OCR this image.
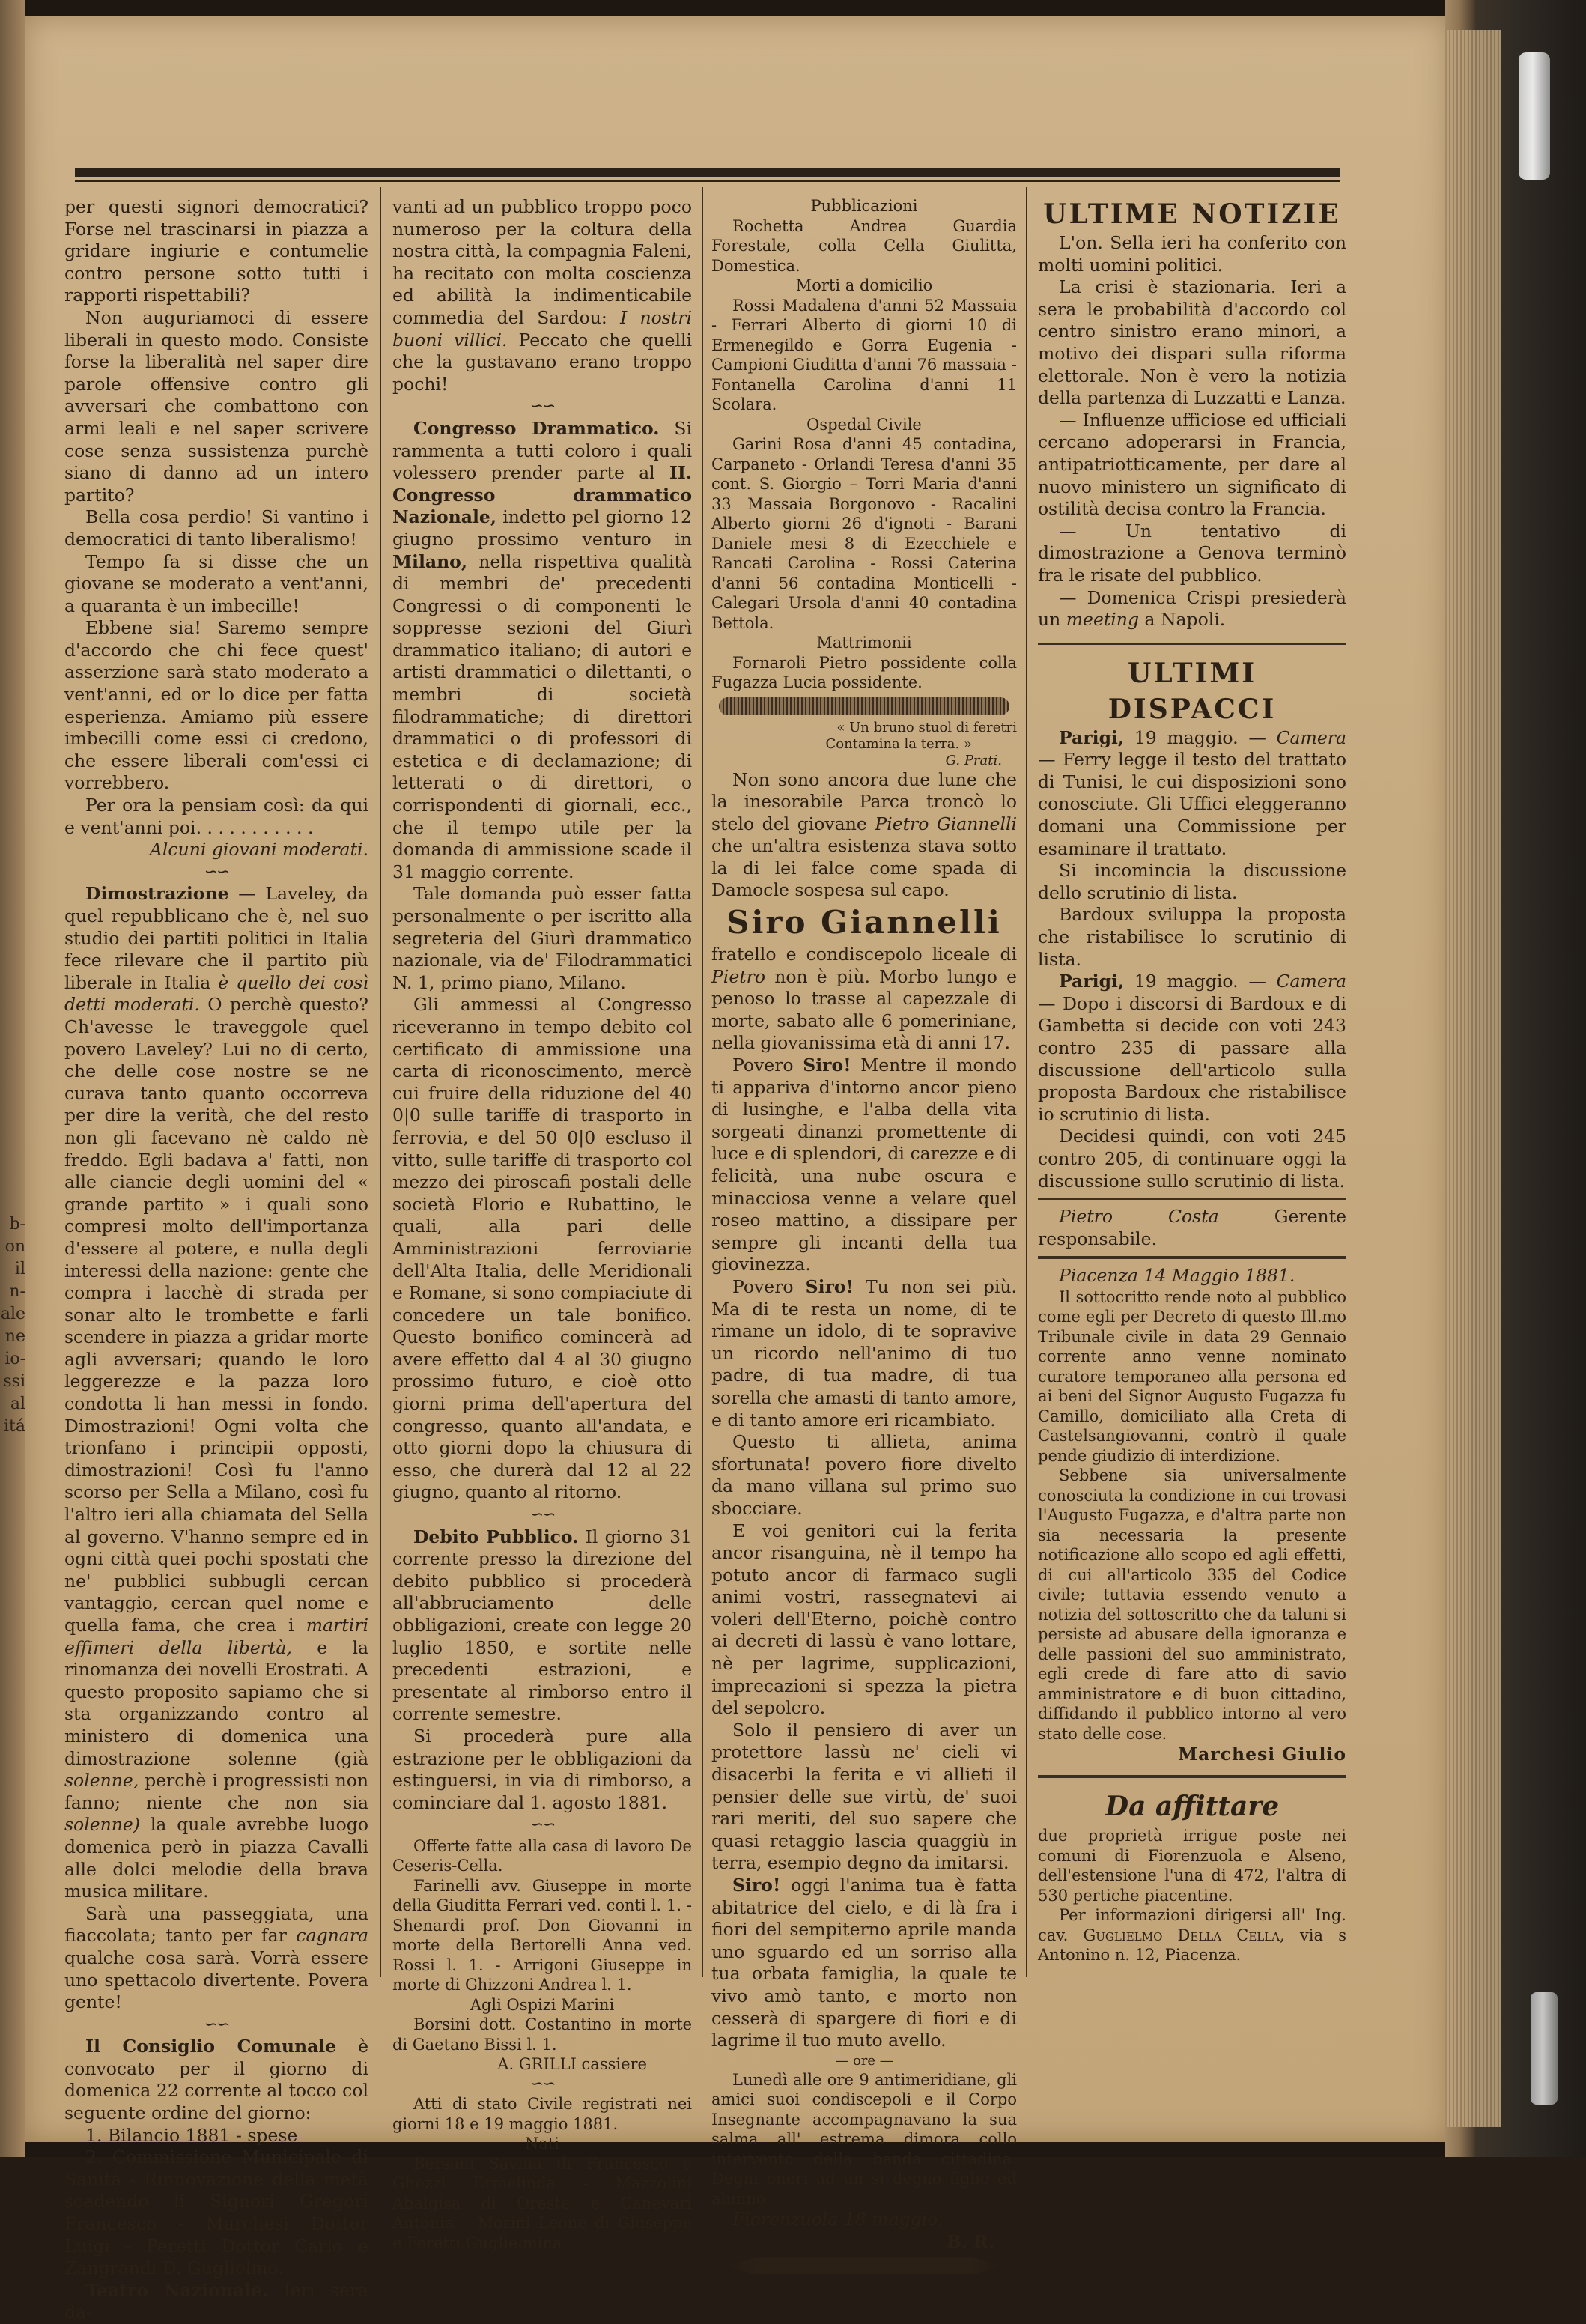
b-
on
il
n-
ale
ne
io-
ssi
al
itá

per questi signori democratici? Forse nel trascinarsi in piazza a gridare ingiurie e contumelie contro persone sotto tutti i rapporti rispettabili?

Non auguriamoci di essere liberali in questo modo. Consiste forse la liberalità nel saper dire parole offensive contro gli avversari che combattono con armi leali e nel saper scrivere cose senza sussistenza purchè siano di danno ad un intero partito?

Bella cosa perdio! Si vantino i democratici di tanto liberalismo!

Tempo fa si disse che un giovane se moderato a vent'anni, a quaranta è un imbecille!

Ebbene sia! Saremo sempre d'accordo che chi fece quest' asserzione sarà stato moderato a vent'anni, ed or lo dice per fatta esperienza. Amiamo più essere imbecilli come essi ci credono, che essere liberali com'essi ci vorrebbero.

Per ora la pensiam così: da qui e vent'anni poi. . . . . . . . . . .

Alcuni giovani moderati.

∽∽

Dimostrazione — Laveley, da quel repubblicano che è, nel suo studio dei partiti politici in Italia fece rilevare che il partito più liberale in Italia è quello dei così detti moderati. O perchè questo? Ch'avesse le traveggole quel povero Laveley? Lui no di certo, che delle cose nostre se ne curava tanto quanto occorreva per dire la verità, che del resto non gli facevano nè caldo nè freddo. Egli badava a' fatti, non alle ciancie degli uomini del « grande partito » i quali sono compresi molto dell'importanza d'essere al potere, e nulla degli interessi della nazione: gente che compra i lacchè di strada per sonar alto le trombette e farli scendere in piazza a gridar morte agli avversari; quando le loro leggerezze e la pazza loro condotta li han messi in fondo. Dimostrazioni! Ogni volta che trionfano i principii opposti, dimostrazioni! Così fu l'anno scorso per Sella a Milano, così fu l'altro ieri alla chiamata del Sella al governo. V'hanno sempre ed in ogni città quei pochi spostati che ne' pubblici subbugli cercan vantaggio, cercan quel nome e quella fama, che crea i martiri effimeri della libertà, e la rinomanza dei novelli Erostrati. A questo proposito sapiamo che si sta organizzando contro al ministero di domenica una dimostrazione solenne (già solenne, perchè i progressisti non fanno; niente che non sia solenne) la quale avrebbe luogo domenica però in piazza Cavalli alle dolci melodie della brava musica militare.

Sarà una passeggiata, una fiaccolata; tanto per far cagnara qualche cosa sarà. Vorrà essere uno spettacolo divertente. Povera gente!

∽∽

Il Consiglio Comunale è convocato per il giorno di domenica 22 corrente al tocco col seguente ordine del giorno:

1. Bilancio 1881 - spese

2. Commissione Municipale di Sanità - Rinnovazione della metà scadendo li Signori Gregori Francesco - Marchesi Dottor Luigi - Peretti Dottor Carlo e Zangrandi D. Guglielmo.

Teatro Nazionale. Ieri sera da-

vanti ad un pubblico troppo poco numeroso per la coltura della nostra città, la compagnia Faleni, ha recitato con molta coscienza ed abilità la indimenticabile commedia del Sardou: I nostri buoni villici. Peccato che quelli che la gustavano erano troppo pochi!

∽∽

Congresso Drammatico. Si rammenta a tutti coloro i quali volessero prender parte al II. Congresso drammatico Nazionale, indetto pel giorno 12 giugno prossimo venturo in Milano, nella rispettiva qualità di membri de' precedenti Congressi o di componenti le soppresse sezioni del Giurì drammatico italiano; di autori e artisti drammatici o dilettanti, o membri di società filodrammatiche; di direttori drammatici o di professori di estetica e di declamazione; di letterati o di direttori, o corrispondenti di giornali, ecc., che il tempo utile per la domanda di ammissione scade il 31 maggio corrente.

Tale domanda può esser fatta personalmente o per iscritto alla segreteria del Giurì drammatico nazionale, via de' Filodrammatici N. 1, primo piano, Milano.

Gli ammessi al Congresso riceveranno in tempo debito col certificato di ammissione una carta di riconoscimento, mercè cui fruire della riduzione del 40 0|0 sulle tariffe di trasporto in ferrovia, e del 50 0|0 escluso il vitto, sulle tariffe di trasporto col mezzo dei piroscafi postali delle società Florio e Rubattino, le quali, alla pari delle Amministrazioni ferroviarie dell'Alta Italia, delle Meridionali e Romane, si sono compiaciute di concedere un tale bonifico. Questo bonifico comincerà ad avere effetto dal 4 al 30 giugno prossimo futuro, e cioè otto giorni prima dell'apertura del congresso, quanto all'andata, e otto giorni dopo la chiusura di esso, che durerà dal 12 al 22 giugno, quanto al ritorno.

∽∽

Debito Pubblico. Il giorno 31 corrente presso la direzione del debito pubblico si procederà all'abbruciamento delle obbligazioni, create con legge 20 luglio 1850, e sortite nelle precedenti estrazioni, e presentate al rimborso entro il corrente semestre.

Si procederà pure alla estrazione per le obbligazioni da estinguersi, in via di rimborso, a cominciare dal 1. agosto 1881.

∽∽

Offerte fatte alla casa di lavoro De Ceseris-Cella.

Farinelli avv. Giuseppe in morte della Giuditta Ferrari ved. conti l. 1. - Shenardi prof. Don Giovanni in morte della Bertorelli Anna ved. Rossi l. 1. - Arrigoni Giuseppe in morte di Ghizzoni Andrea l. 1.

Agli Ospizi Marini

Borsini dott. Costantino in morte di Gaetano Bissi l. 1.

A. GRILLI cassiere

∽∽

Atti di stato Civile registrati nei giorni 18 e 19 maggio 1881.

Nati

Bersani Savina di Francesco e Ghezzi Ermelinda - Mazzolini Abalgisa di Oreste e Canevari Antonia – Morini Leone di Giuseppe e Feretti Guglielmina.

Pubblicazioni

Rochetta Andrea Guardia Forestale, colla Cella Giulitta, Domestica.

Morti a domicilio

Rossi Madalena d'anni 52 Massaia - Ferrari Alberto di giorni 10 di Ermenegildo e Gorra Eugenia - Campioni Giuditta d'anni 76 massaia - Fontanella Carolina d'anni 11 Scolara.

Ospedal Civile

Garini Rosa d'anni 45 contadina, Carpaneto - Orlandi Teresa d'anni 35 cont. S. Giorgio – Torri Maria d'anni 33 Massaia Borgonovo - Racalini Alberto giorni 26 d'ignoti - Barani Daniele mesi 8 di Ezecchiele e Rancati Carolina - Rossi Caterina d'anni 56 contadina Monticelli - Calegari Ursola d'anni 40 contadina Bettola.

Mattrimonii

Fornaroli Pietro possidente colla Fugazza Lucia possidente.

« Un bruno stuol di feretri

Contamina la terra. »

G. Prati.

Non sono ancora due lune che la inesorabile Parca troncò lo stelo del giovane Pietro Giannelli che un'altra esistenza stava sotto la di lei falce come spada di Damocle sospesa sul capo.

Siro Giannelli

fratello e condiscepolo liceale di Pietro non è più. Morbo lungo e penoso lo trasse al capezzale di morte, sabato alle 6 pomeriniane, nella giovanissima età di anni 17.

Povero Siro! Mentre il mondo ti appariva d'intorno ancor pieno di lusinghe, e l'alba della vita sorgeati dinanzi promettente di luce e di splendori, di carezze e di felicità, una nube oscura e minacciosa venne a velare quel roseo mattino, a dissipare per sempre gli incanti della tua giovinezza.

Povero Siro! Tu non sei più. Ma di te resta un nome, di te rimane un idolo, di te sopravive un ricordo nell'animo di tuo padre, di tua madre, di tua sorella che amasti di tanto amore, e di tanto amore eri ricambiato.

Questo ti allieta, anima sfortunata! povero fiore diveltο da mano villana sul primo suo sbocciare.

E voi genitori cui la ferita ancor risanguina, nè il tempo ha potuto ancor di farmaco sugli animi vostri, rassegnatevi ai voleri dell'Eterno, poichè contro ai decreti di lassù è vano lottare, nè per lagrime, supplicazioni, imprecazioni si spezza la pietra del sepolcro.

Solo il pensiero di aver un protettore lassù ne' cieli vi disacerbi la ferita e vi allieti il pensier delle sue virtù, de' suoi rari meriti, del suo sapere che quasi retaggio lascia quaggiù in terra, esempio degno da imitarsi.

Siro! oggi l'anima tua è fatta abitatrice del cielo, e di là fra i fiori del sempiterno aprile manda uno sguardo ed un sorriso alla tua orbata famiglia, la quale te vivo amò tanto, e morto non cesserà di spargere di fiori e di lagrime il tuo muto avello.

— ore —

Lunedì alle ore 9 antimeridiane, gli amici suoi condiscepoli e il Corpo Insegnante accompagnavano la sua salma all' estrema dimora collo intervento della banda cittadina. Degni onori ad un sì degno figlio ed alunno.

Fiorenzuola 18 maggio.

B. R.

ULTIME NOTIZIE

L'on. Sella ieri ha conferito con molti uomini politici.

La crisi è stazionaria. Ieri a sera le probabilità d'accordo col centro sinistro erano minori, a motivo dei dispari sulla riforma elettorale. Non è vero la notizia della partenza di Luzzatti e Lanza.

— Influenze ufficiose ed ufficiali cercano adoperarsi in Francia, antipatriotticamente, per dare al nuovo ministero un significato di ostilità decisa contro la Francia.

— Un tentativo di dimostrazione a Genova terminò fra le risate del pubblico.

— Domenica Crispi presiederà un meeting a Napoli.

ULTIMI DISPACCI

Parigi, 19 maggio. — Camera — Ferry legge il testo del trattato di Tunisi, le cui disposizioni sono conosciute. Gli Uffici eleggeranno domani una Commissione per esaminare il trattato.

Si incomincia la discussione dello scrutinio di lista.

Bardoux sviluppa la proposta che ristabilisce lo scrutinio di lista.

Parigi, 19 maggio. — Camera — Dopo i discorsi di Bardoux e di Gambetta si decide con voti 243 contro 235 di passare alla discussione dell'articolo sulla proposta Bardoux che ristabilisce io scrutinio di lista.

Decidesi quindi, con voti 245 contro 205, di continuare oggi la discussione sullo scrutinio di lista.

Pietro Costa Gerente responsabile.

Piacenza 14 Maggio 1881.

Il sottocritto rende noto al pubblico come egli per Decreto di questo Ill.mo Tribunale civile in data 29 Gennaio corrente anno venne nominato curatore temporaneo alla persona ed ai beni del Signor Augusto Fugazza fu Camillo, domiciliato alla Creta di Castelsangiovanni, contrò il quale pende giudizio di interdizione.

Sebbene sia universalmente conosciuta la condizione in cui trovasi l'Augusto Fugazza, e d'altra parte non sia necessaria la presente notificazione allo scopo ed agli effetti, di cui all'articolo 335 del Codice civile; tuttavia essendo venuto a notizia del sottoscritto che da taluni si persiste ad abusare della ignoranza e delle passioni del suo amministrato, egli crede di fare atto di savio amministratore e di buon cittadino, diffidando il pubblico intorno al vero stato delle cose.

Marchesi Giulio

Da affittare

due proprietà irrigue poste nei comuni di Fiorenzuola e Alseno, dell'estensione l'una di 472, l'altra di 530 pertiche piacentine.

Per informazioni dirigersi all' Ing. cav. Guglielmo Della Cella, via s Antonino n. 12, Piacenza.
